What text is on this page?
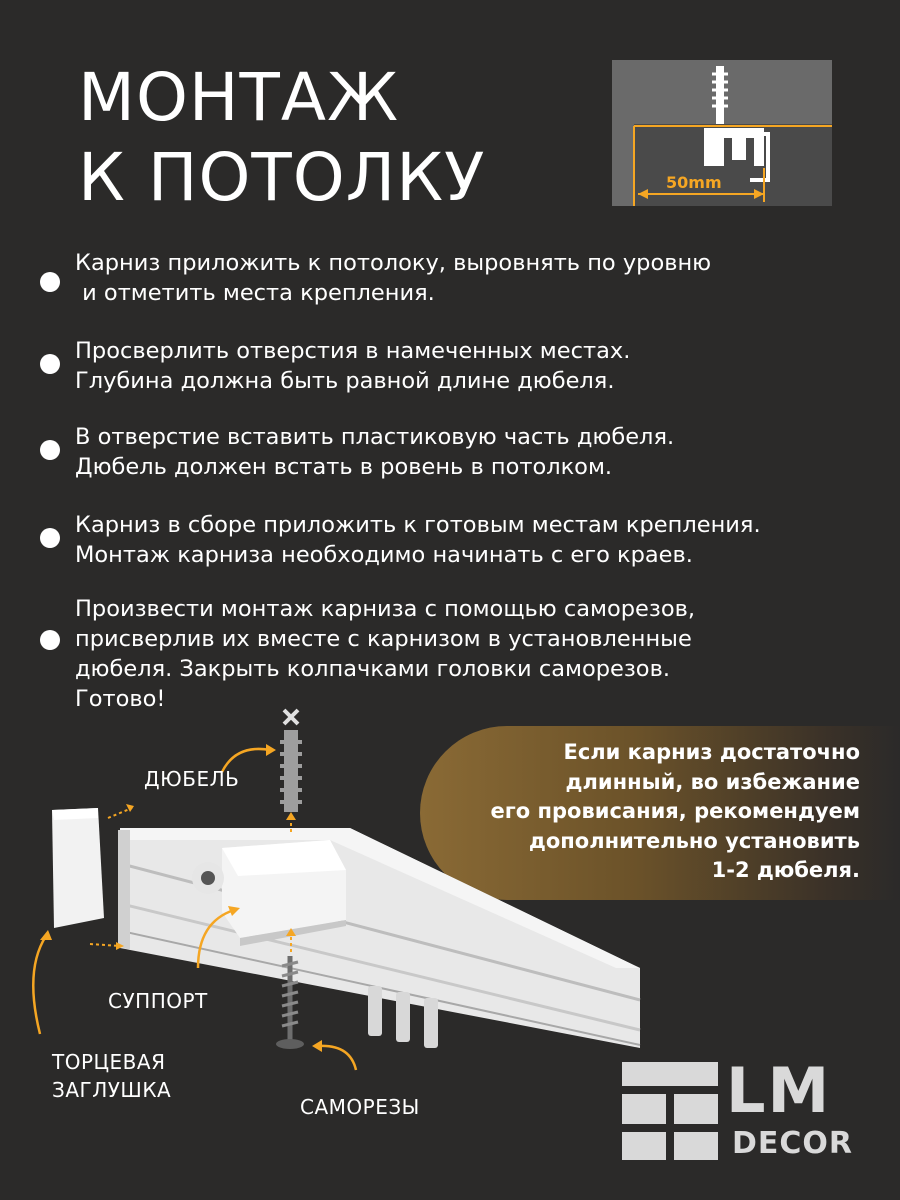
МОНТАЖ
К ПОТОЛКУ	50mm
Карниз приложить к потолоку, выровнять по уровню
и отметить места крепления.
Просверлить отверстия в намеченных местах.
Глубина должна быть равной длине дюбеля.
В отверстие вставить пластиковую часть дюбеля.
Дюбель должен встать в ровень в потолком.
Карниз в сборе приложить к готовым местам крепления.
Монтаж карниза необходимо начинать с его краев.
Произвести монтаж карниза с помощью саморезов,
присверлив их вместе с карнизом в установленные
дюбеля. Закрыть колпачками головки саморезов.
Готово!
Если карниз достаточно
длинный, во избежание
его провисания, рекомендуем
дополнительно установить
1-2 дюбеля.
ДЮБЕЛЬ
СУППОРТ
ТОРЦЕВАЯ
ЗАГЛУШКА
САМОРЕЗЫ	LM
DECOR
